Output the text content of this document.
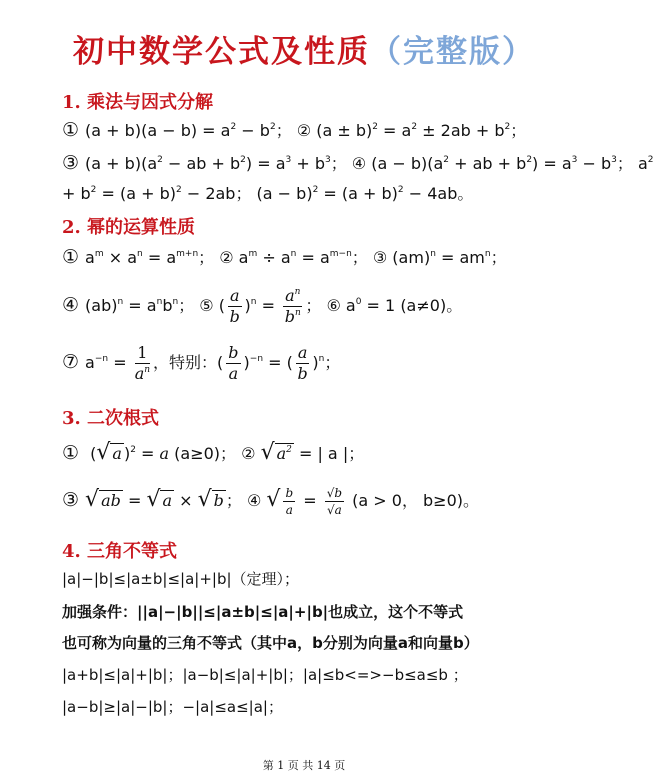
初中数学公式及性质（完整版）
1. 乘法与因式分解
① $(a + b)(a - b) = a^2 - b^2$； ② $(a \pm b)^2 = a^2 \pm 2ab + b^2$；
③ $(a + b)(a^2$ − ab + $b^2) = a^3 + b^3$； ④ $(a - b)(a^2$ + ab + $b^2) = a^3 - b^3$； $a^2$
+ $b^2 = (a + b)^2 - 2ab$； $(a - b)^2 = (a + b)^2 - 4ab$。
2. 幂的运算性质
① $a^m \times a^n = a^{m+n}$； ② $a^m \div a^n = a^{m-n}$； ③ $(am)^n = am^n$；
④ $(ab)^n = a^nb^n$； ⑤ ( $\frac{a}{b} )^n = \frac{a^n}{b^n}$ ； ⑥ $a^0 = 1$ (a≠0)。
⑦ $a^{-n} = \frac{1}{a^n}$ ，特别：( $\frac{b}{a} )^{-n}$ = ( $\frac{a}{b} )^n$；
3. 二次根式
① (√ a )$^2$ = a (a≥0)； ② √ $a^2$ = | a |；
③ √ ab = √ a × √ b ； ④ √ $\frac{b}{a} = \frac{√b}{√a} (a > 0$， b≥0)。
4. 三角不等式
|a|−|b|≤|a±b|≤|a|+|b|（定理）；
加强条件：||a|−|b||≤|a±b|≤|a|+|b|也成立，这个不等式
也可称为向量的三角不等式（其中a，b分别为向量a和向量b）
|a+b|≤|a|+|b|；|a−b|≤|a|+|b|；|a|≤b<=>−b≤a≤b ；
|a−b|≥|a|−|b|；−|a|≤a≤|a|；
第 1 页 共 14 页
